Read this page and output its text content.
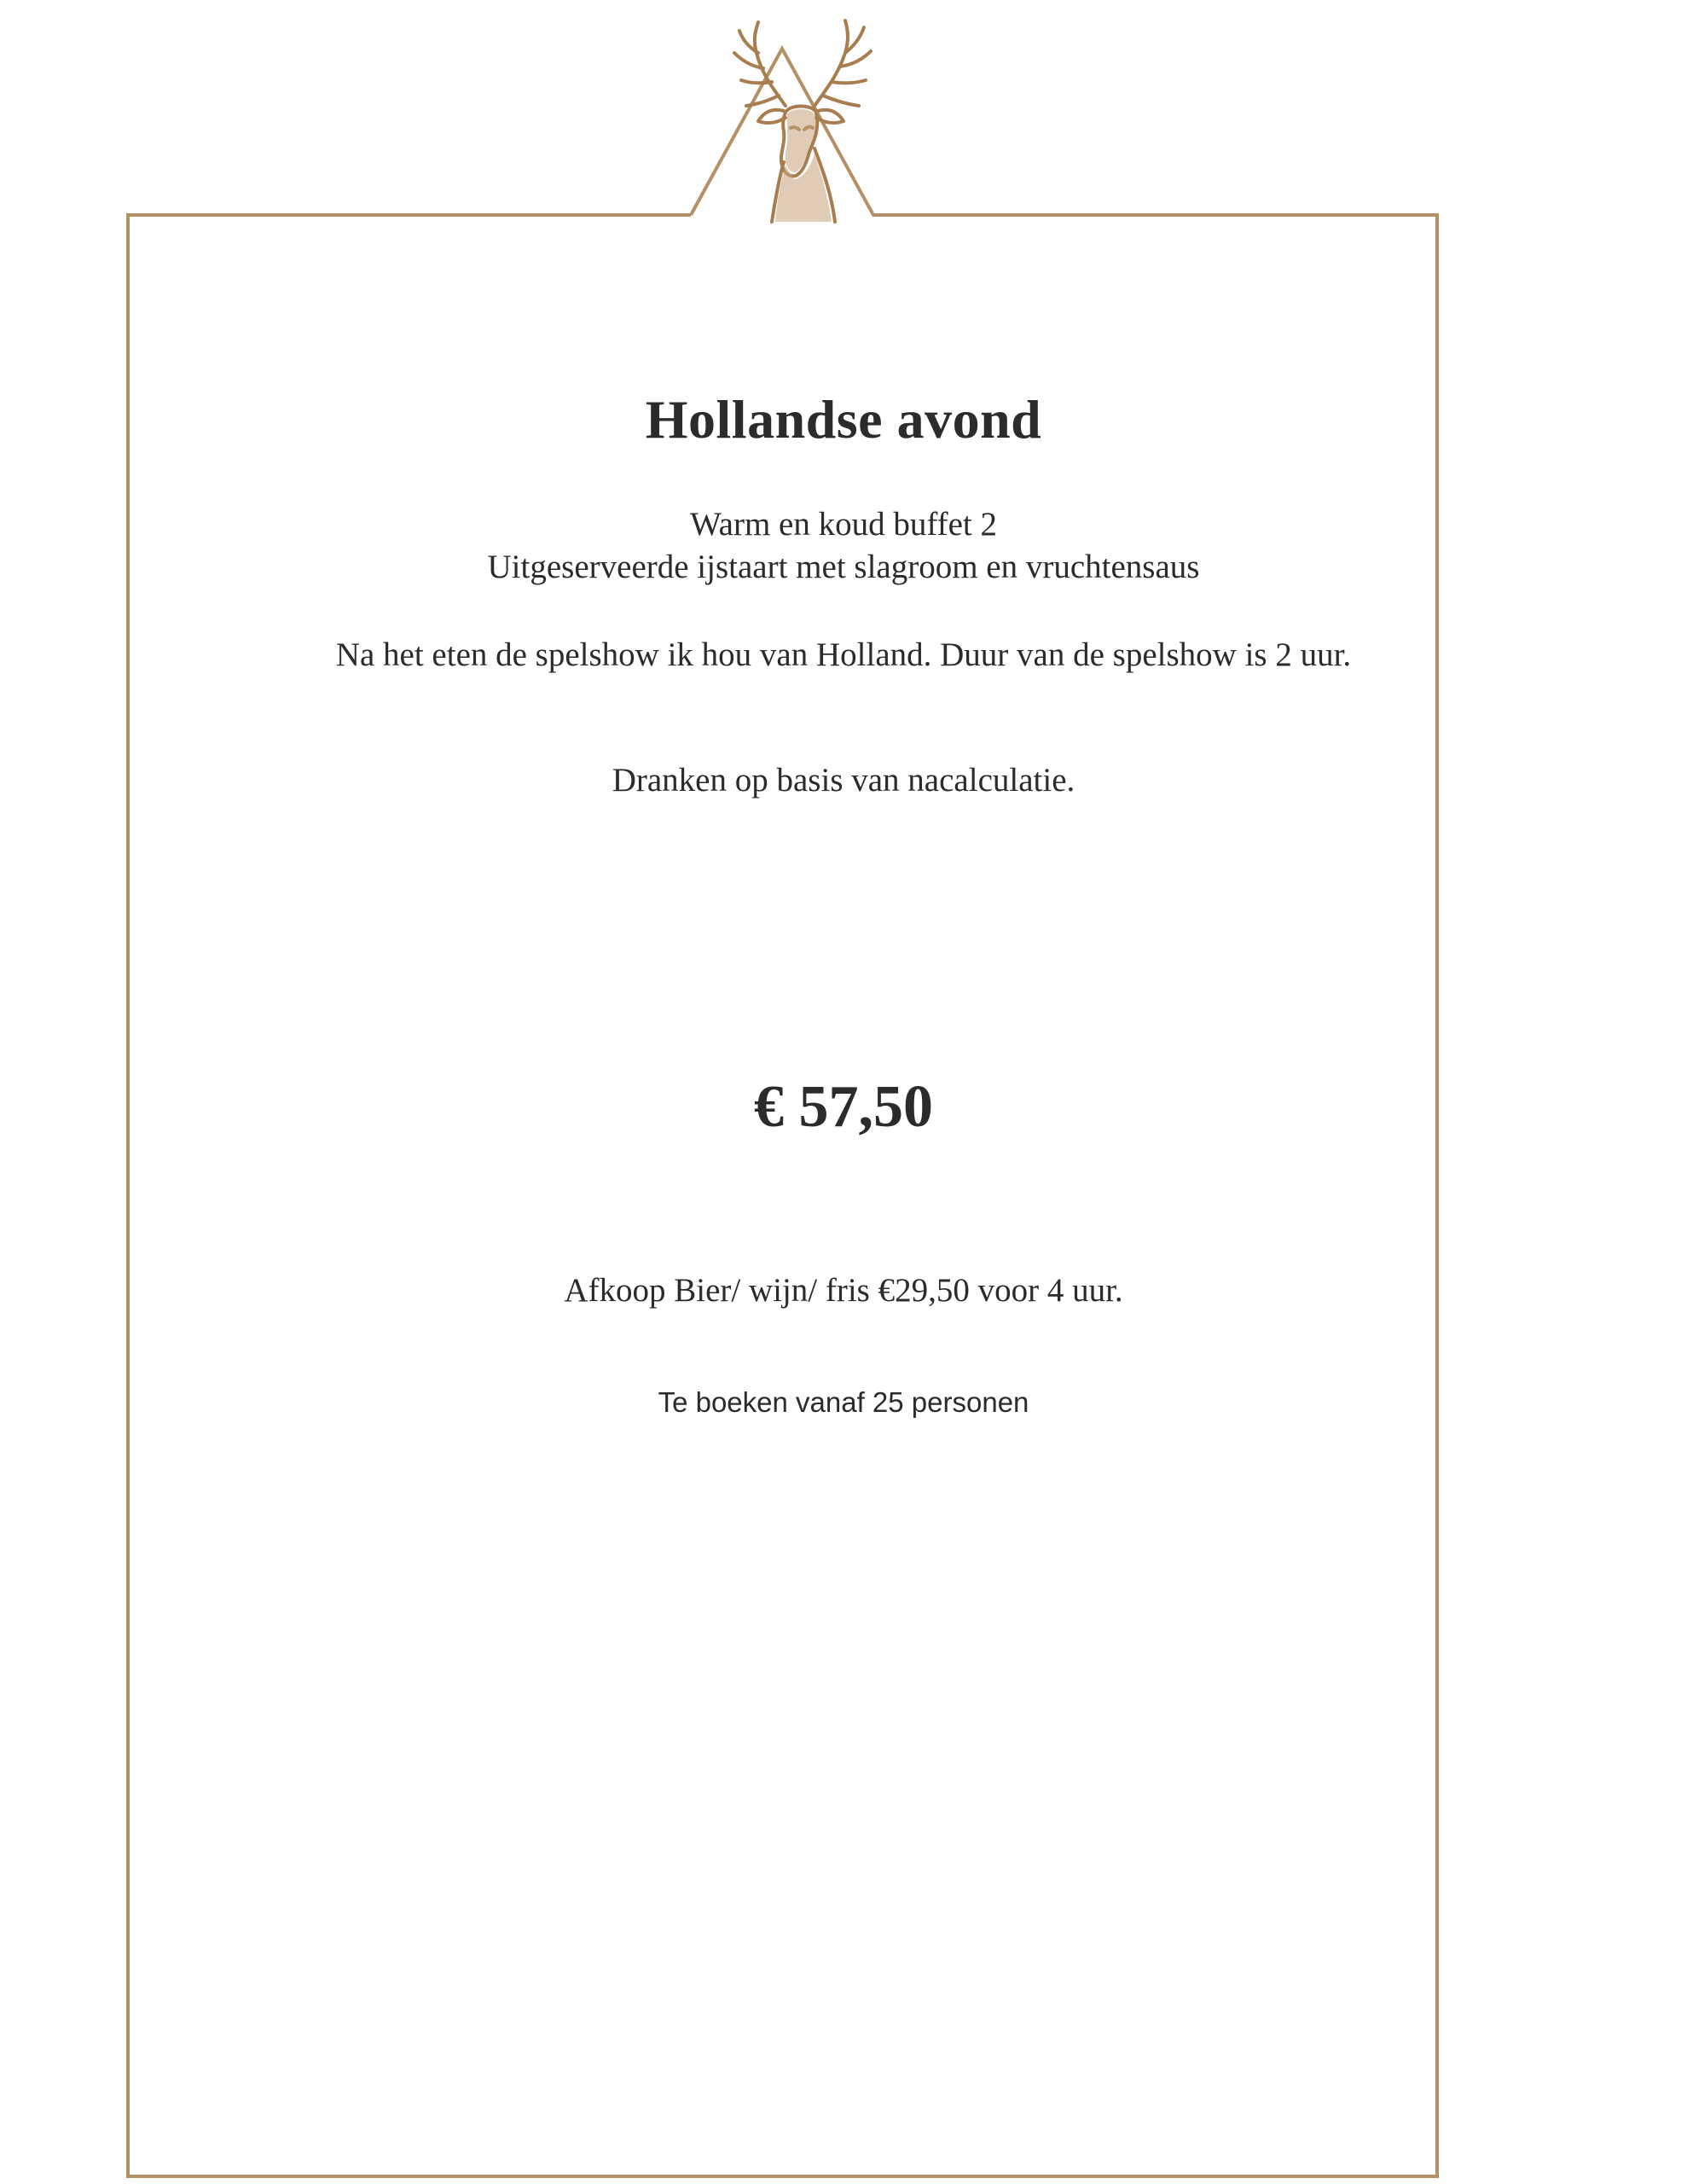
Hollandse avond
Warm en koud buffet 2
Uitgeserveerde ijstaart met slagroom en vruchtensaus
Na het eten de spelshow ik hou van Holland. Duur van de spelshow is 2 uur.
Dranken op basis van nacalculatie.
€ 57,50
Afkoop Bier/ wijn/ fris €29,50 voor 4 uur.
Te boeken vanaf 25 personen
